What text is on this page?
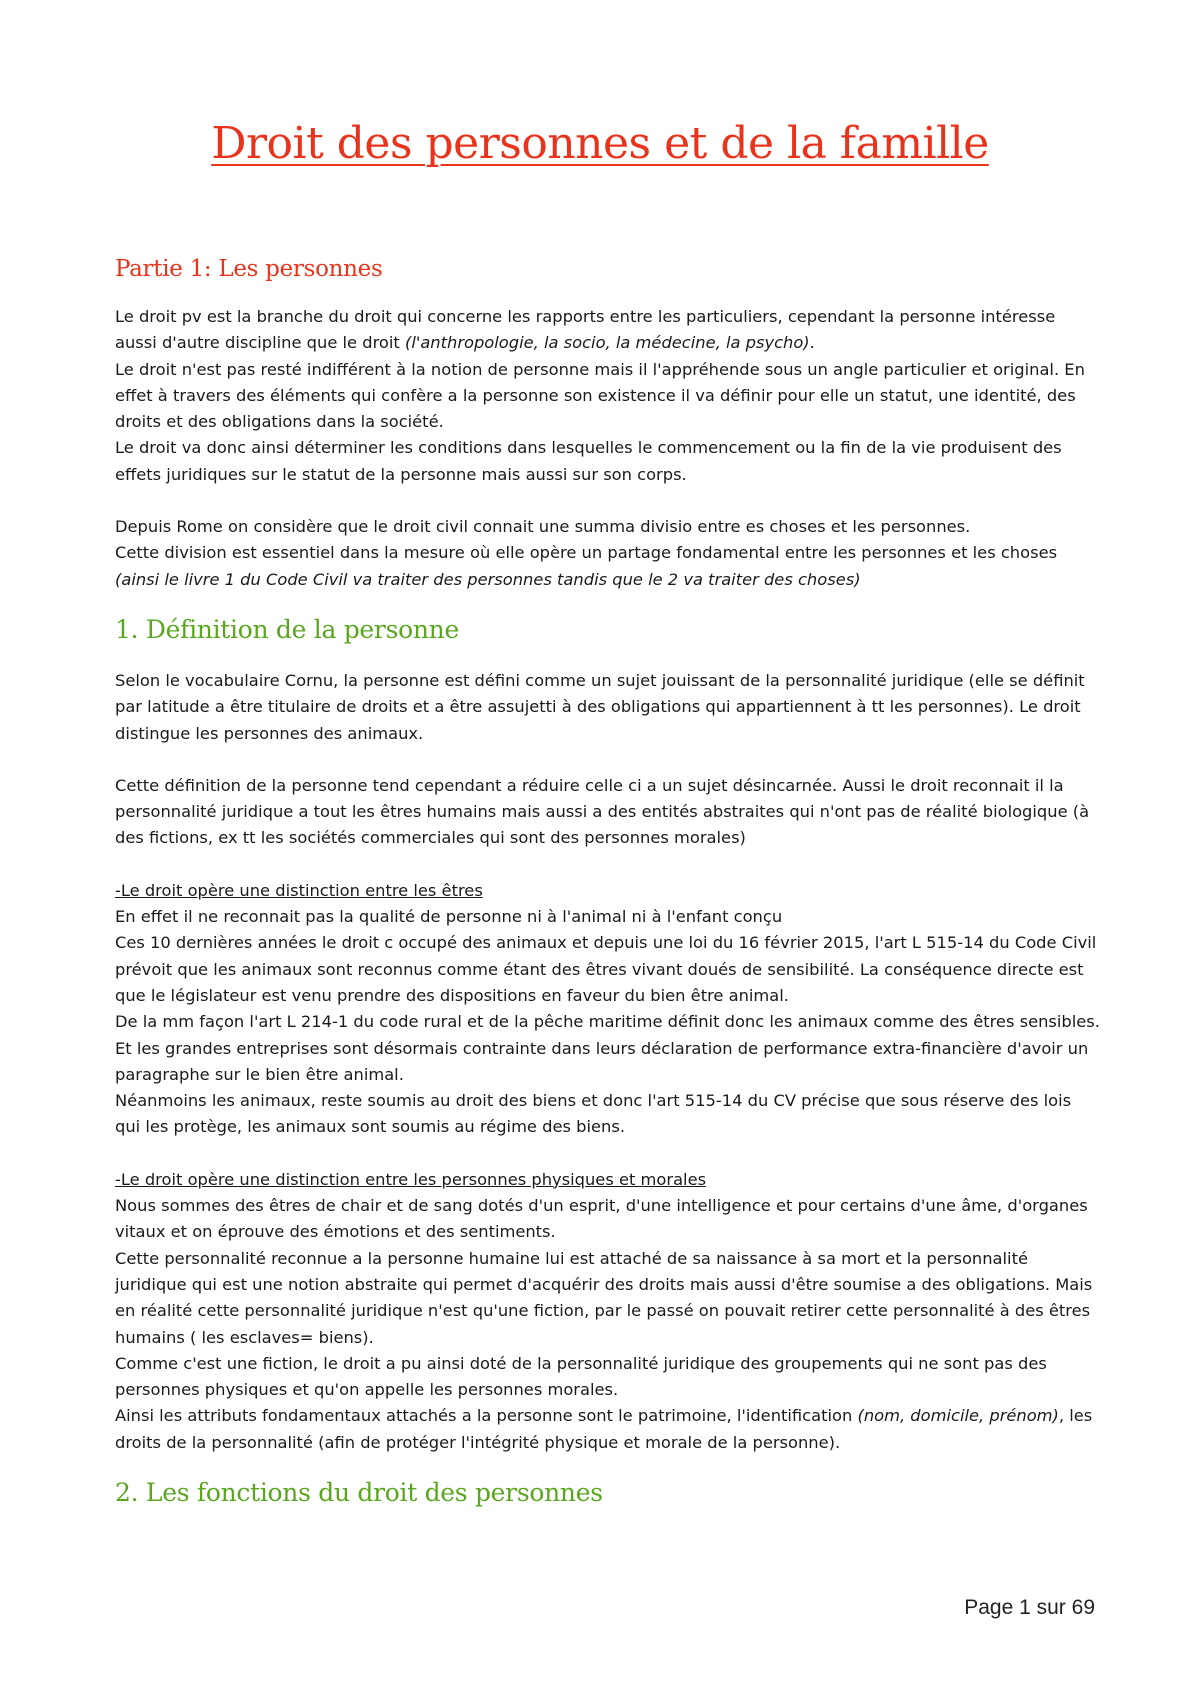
Droit des personnes et de la famille
Partie 1: Les personnes

Le droit pv est la branche du droit qui concerne les rapports entre les particuliers, cependant la personne intéresse aussi d'autre discipline que le droit (l'anthropologie, la socio, la médecine, la psycho).

Le droit n'est pas resté indifférent à la notion de personne mais il l'appréhende sous un angle particulier et original. En effet à travers des éléments qui confère a la personne son existence il va définir pour elle un statut, une identité, des droits et des obligations dans la société.

Le droit va donc ainsi déterminer les conditions dans lesquelles le commencement ou la fin de la vie produisent des effets juridiques sur le statut de la personne mais aussi sur son corps.

Depuis Rome on considère que le droit civil connait une summa divisio entre es choses et les personnes.

Cette division est essentiel dans la mesure où elle opère un partage fondamental entre les personnes et les choses (ainsi le livre 1 du Code Civil va traiter des personnes tandis que le 2 va traiter des choses)

1. Définition de la personne

Selon le vocabulaire Cornu, la personne est défini comme un sujet jouissant de la personnalité juridique (elle se définit par latitude a être titulaire de droits et a être assujetti à des obligations qui appartiennent à tt les personnes). Le droit distingue les personnes des animaux.

Cette définition de la personne tend cependant a réduire celle ci a un sujet désincarnée. Aussi le droit reconnait il la personnalité juridique a tout les êtres humains mais aussi a des entités abstraites qui n'ont pas de réalité biologique (à des fictions, ex tt les sociétés commerciales qui sont des personnes morales)

-Le droit opère une distinction entre les êtres

En effet il ne reconnait pas la qualité de personne ni à l'animal ni à l'enfant conçu

Ces 10 dernières années le droit c occupé des animaux et depuis une loi du 16 février 2015, l'art L 515-14 du Code Civil prévoit que les animaux sont reconnus comme étant des êtres vivant doués de sensibilité. La conséquence directe est que le législateur est venu prendre des dispositions en faveur du bien être animal.

De la mm façon l'art L 214-1 du code rural et de la pêche maritime définit donc les animaux comme des êtres sensibles.

Et les grandes entreprises sont désormais contrainte dans leurs déclaration de performance extra-financière d'avoir un paragraphe sur le bien être animal.

Néanmoins les animaux, reste soumis au droit des biens et donc l'art 515-14 du CV précise que sous réserve des lois qui les protège, les animaux sont soumis au régime des biens.

-Le droit opère une distinction entre les personnes physiques et morales

Nous sommes des êtres de chair et de sang dotés d'un esprit, d'une intelligence et pour certains d'une âme, d'organes vitaux et on éprouve des émotions et des sentiments.

Cette personnalité reconnue a la personne humaine lui est attaché de sa naissance à sa mort et la personnalité juridique qui est une notion abstraite qui permet d'acquérir des droits mais aussi d'être soumise a des obligations. Mais en réalité cette personnalité juridique n'est qu'une fiction, par le passé on pouvait retirer cette personnalité à des êtres humains ( les esclaves= biens).

Comme c'est une fiction, le droit a pu ainsi doté de la personnalité juridique des groupements qui ne sont pas des personnes physiques et qu'on appelle les personnes morales.

Ainsi les attributs fondamentaux attachés a la personne sont le patrimoine, l'identification (nom, domicile, prénom), les droits de la personnalité (afin de protéger l'intégrité physique et morale de la personne).

2. Les fonctions du droit des personnes
Page 1 sur 69
